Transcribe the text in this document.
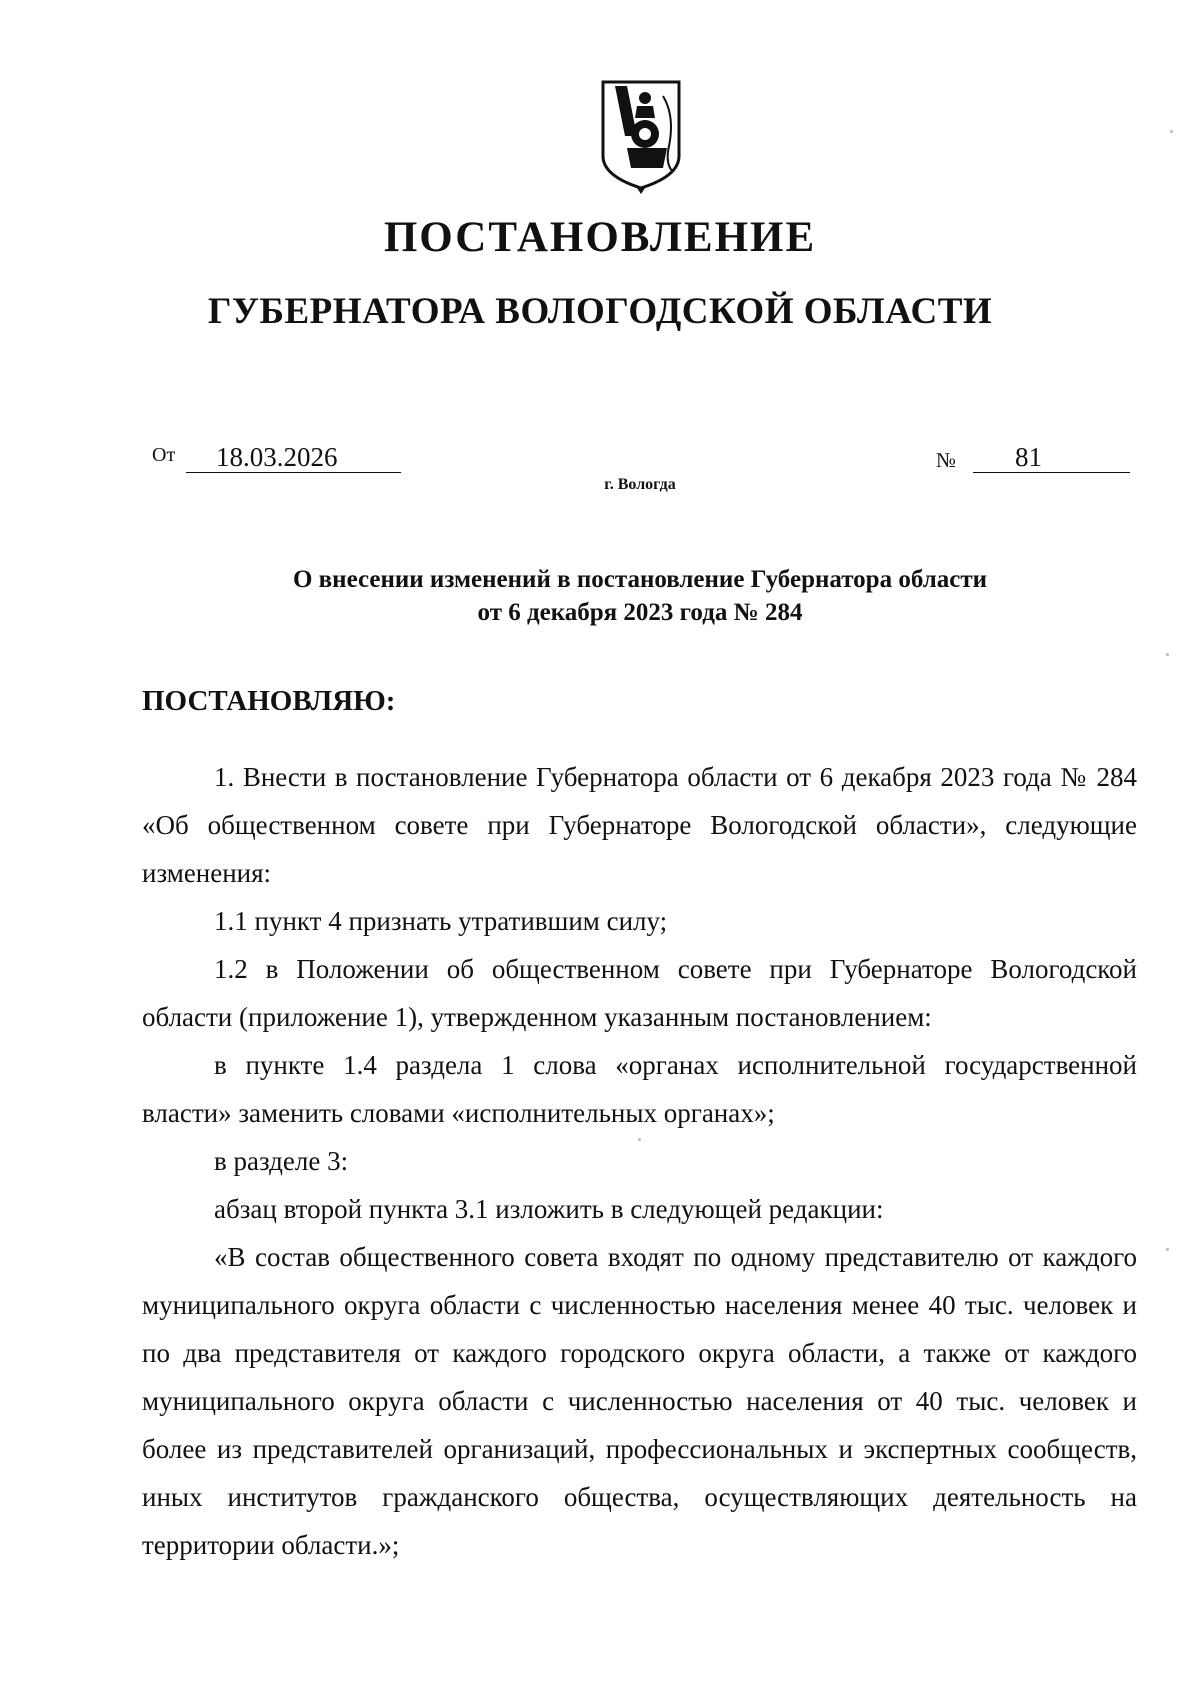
ПОСТАНОВЛЕНИЕ
ГУБЕРНАТОРА ВОЛОГОДСКОЙ ОБЛАСТИ
От	18.03.2026
г. Вологда
№	81
О внесении изменений в постановление Губернатора области
от 6 декабря 2023 года № 284
ПОСТАНОВЛЯЮ:

1. Внести в постановление Губернатора области от 6 декабря 2023 года № 284 «Об общественном совете при Губернаторе Вологодской области», следующие изменения:

1.1 пункт 4 признать утратившим силу;

1.2 в Положении об общественном совете при Губернаторе Вологодской области (приложение 1), утвержденном указанным постановлением:

в пункте 1.4 раздела 1 слова «органах исполнительной государственной власти» заменить словами «исполнительных органах»;

в разделе 3:

абзац второй пункта 3.1 изложить в следующей редакции:

«В состав общественного совета входят по одному представителю от каждого муниципального округа области с численностью населения менее 40 тыс. человек и по два представителя от каждого городского округа области, а также от каждого муниципального округа области с численностью населения от 40 тыс. человек и более из представителей организаций, профессиональных и экспертных сообществ, иных институтов гражданского общества, осуществляющих деятельность на территории области.»;
